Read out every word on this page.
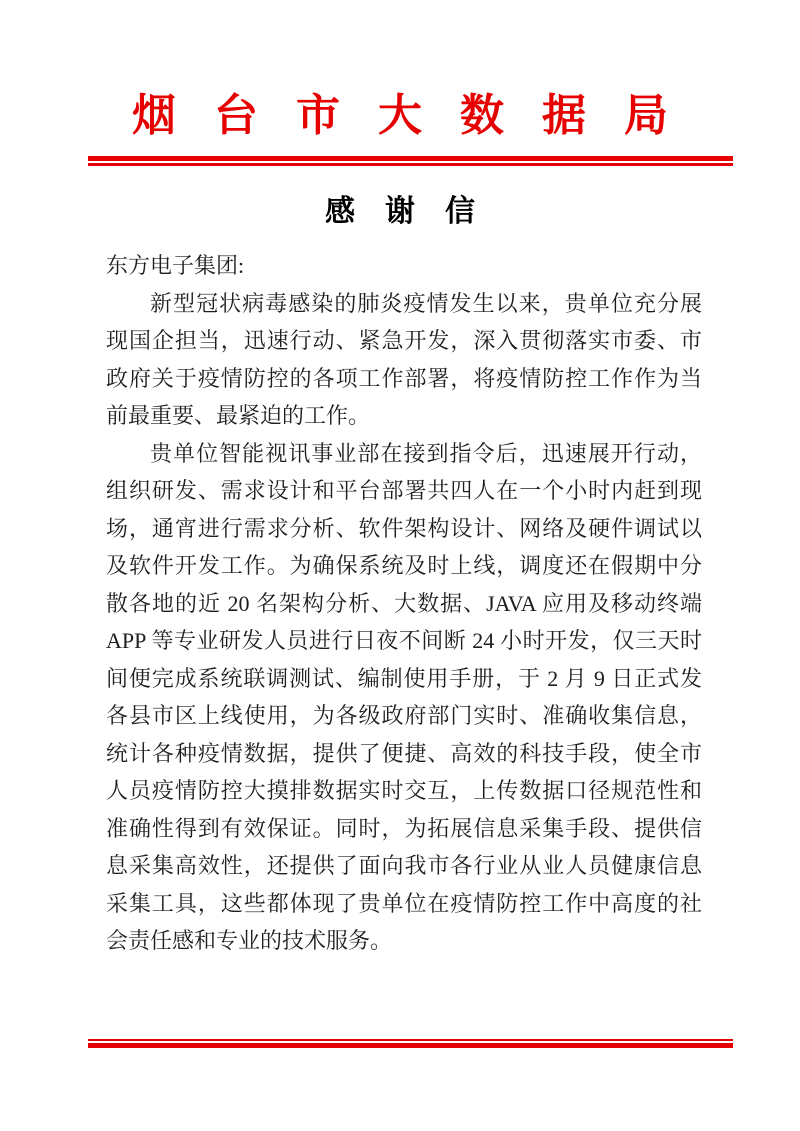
烟台市大数据局
感谢信
东方电子集团:
新型冠状病毒感染的肺炎疫情发生以来，贵单位充分展
现国企担当，迅速行动、紧急开发，深入贯彻落实市委、市
政府关于疫情防控的各项工作部署，将疫情防控工作作为当
前最重要、最紧迫的工作。
贵单位智能视讯事业部在接到指令后，迅速展开行动，
组织研发、需求设计和平台部署共四人在一个小时内赶到现
场，通宵进行需求分析、软件架构设计、网络及硬件调试以
及软件开发工作。为确保系统及时上线，调度还在假期中分
散各地的近 20 名架构分析、大数据、JAVA 应用及移动终端
APP 等专业研发人员进行日夜不间断 24 小时开发，仅三天时
间便完成系统联调测试、编制使用手册，于 2 月 9 日正式发
各县市区上线使用，为各级政府部门实时、准确收集信息，
统计各种疫情数据，提供了便捷、高效的科技手段，使全市
人员疫情防控大摸排数据实时交互，上传数据口径规范性和
准确性得到有效保证。同时，为拓展信息采集手段、提供信
息采集高效性，还提供了面向我市各行业从业人员健康信息
采集工具，这些都体现了贵单位在疫情防控工作中高度的社
会责任感和专业的技术服务。
